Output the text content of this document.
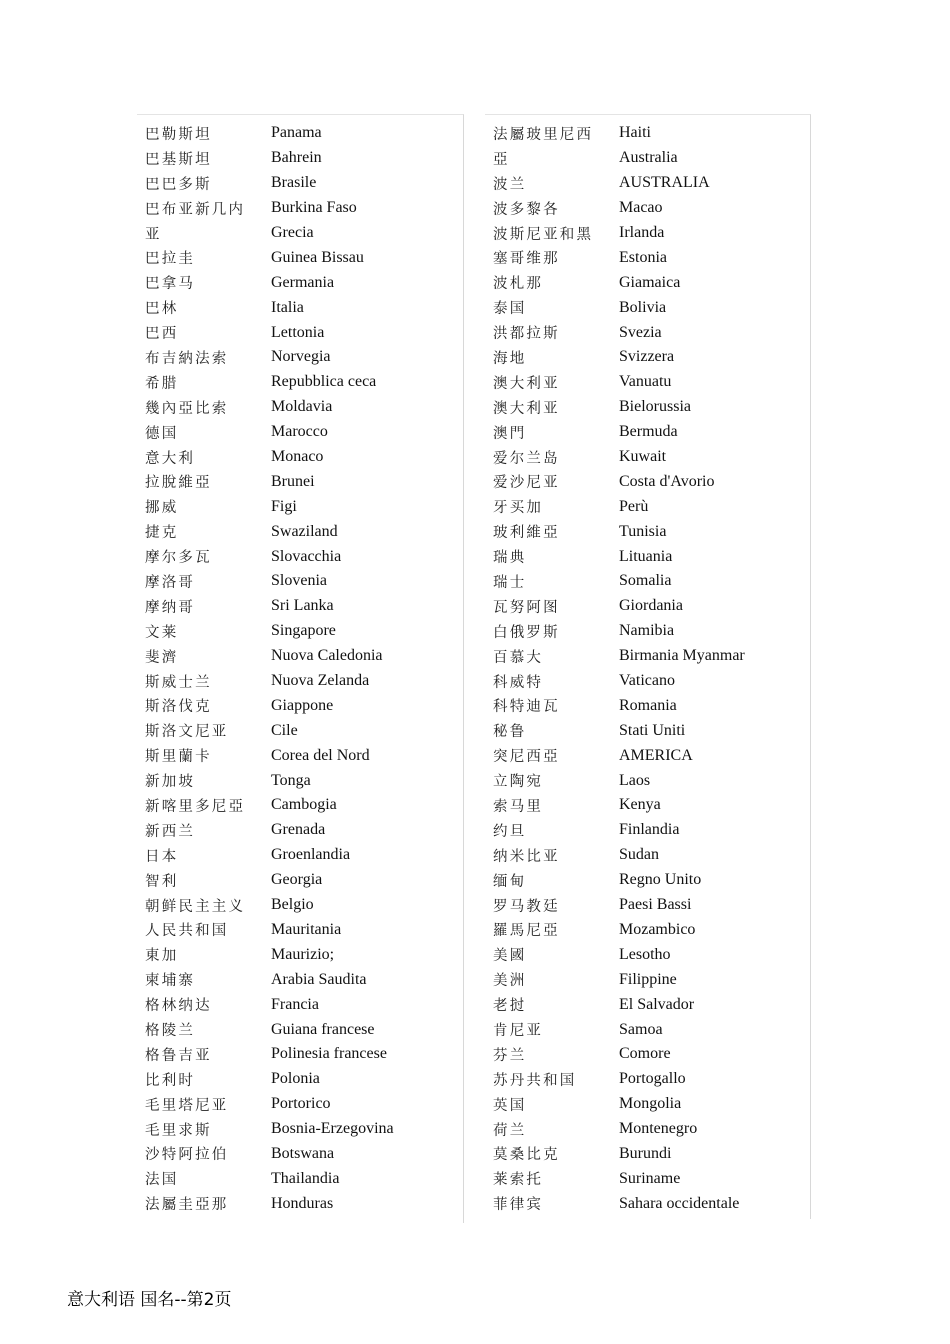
巴勒斯坦	Panama
巴基斯坦	Bahrein
巴巴多斯	Brasile
巴布亚新几内	Burkina Faso
亚	Grecia
巴拉圭	Guinea Bissau
巴拿马	Germania
巴林	Italia
巴西	Lettonia
布吉納法索	Norvegia
希腊	Repubblica ceca
幾內亞比索	Moldavia
德国	Marocco
意大利	Monaco
拉脫維亞	Brunei
挪威	Figi
捷克	Swaziland
摩尔多瓦	Slovacchia
摩洛哥	Slovenia
摩纳哥	Sri Lanka
文莱	Singapore
斐濟	Nuova Caledonia
斯威士兰	Nuova Zelanda
斯洛伐克	Giappone
斯洛文尼亚	Cile
斯里蘭卡	Corea del Nord
新加坡	Tonga
新喀里多尼亞	Cambogia
新西兰	Grenada
日本	Groenlandia
智利	Georgia
朝鲜民主主义	Belgio
人民共和国	Mauritania
東加	Maurizio;
柬埔寨	Arabia Saudita
格林纳达	Francia
格陵兰	Guiana francese
格鲁吉亚	Polinesia francese
比利时	Polonia
毛里塔尼亚	Portorico
毛里求斯	Bosnia-Erzegovina
沙特阿拉伯	Botswana
法国	Thailandia
法屬圭亞那	Honduras
法屬玻里尼西	Haiti
亞	Australia
波兰	AUSTRALIA
波多黎各	Macao
波斯尼亚和黑	Irlanda
塞哥维那	Estonia
波札那	Giamaica
泰国	Bolivia
洪都拉斯	Svezia
海地	Svizzera
澳大利亚	Vanuatu
澳大利亚	Bielorussia
澳門	Bermuda
爱尔兰岛	Kuwait
爱沙尼亚	Costa d'Avorio
牙买加	Perù
玻利維亞	Tunisia
瑞典	Lituania
瑞士	Somalia
瓦努阿图	Giordania
白俄罗斯	Namibia
百慕大	Birmania Myanmar
科威特	Vaticano
科特迪瓦	Romania
秘鲁	Stati Uniti
突尼西亞	AMERICA
立陶宛	Laos
索马里	Kenya
约旦	Finlandia
纳米比亚	Sudan
缅甸	Regno Unito
罗马教廷	Paesi Bassi
羅馬尼亞	Mozambico
美國	Lesotho
美洲	Filippine
老挝	El Salvador
肯尼亚	Samoa
芬兰	Comore
苏丹共和国	Portogallo
英国	Mongolia
荷兰	Montenegro
莫桑比克	Burundi
莱索托	Suriname
菲律宾	Sahara occidentale
意大利语 国名--第2页
